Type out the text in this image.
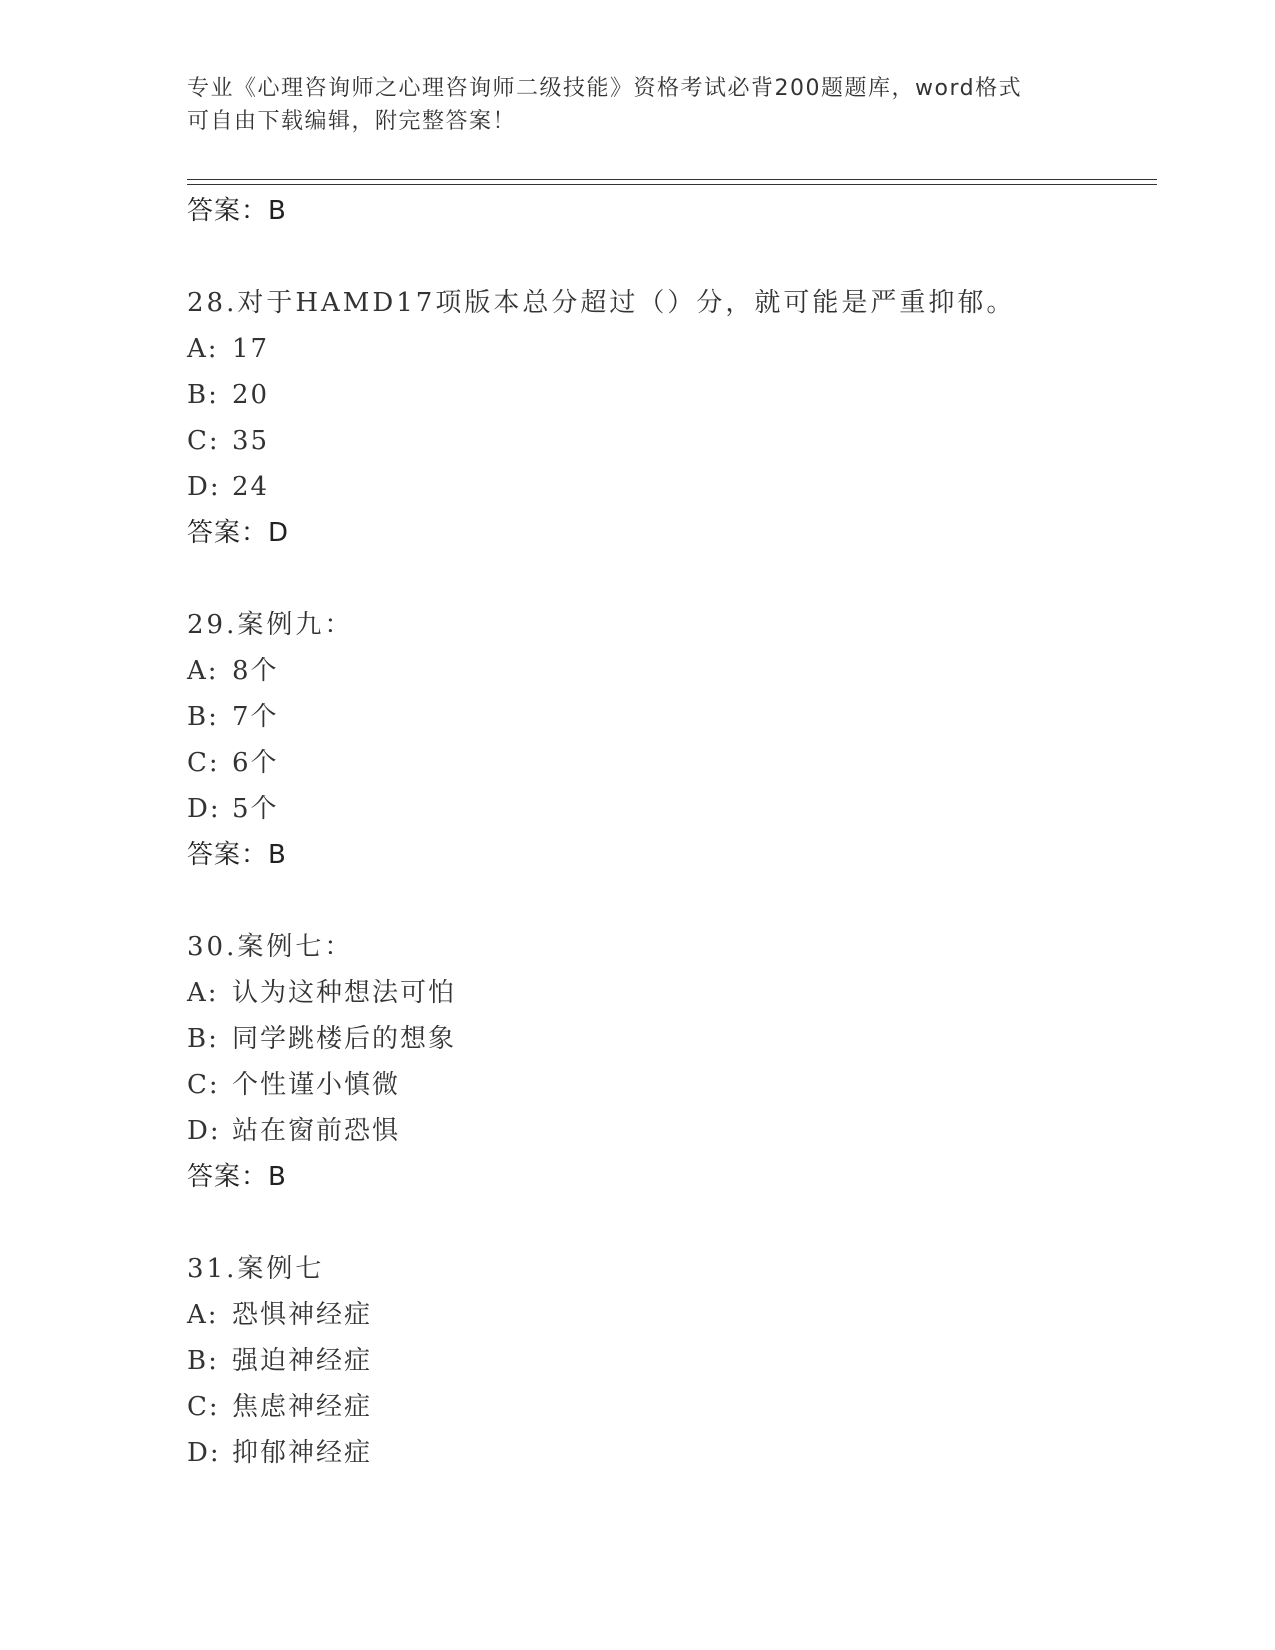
专业《心理咨询师之心理咨询师二级技能》资格考试必背200题题库，word格式
可自由下载编辑，附完整答案！
答案：B
28.对于HAMD17项版本总分超过（）分，就可能是严重抑郁。
A: 17
B: 20
C: 35
D: 24
答案：D
29.案例九：
A: 8个
B: 7个
C: 6个
D: 5个
答案：B
30.案例七：
A: 认为这种想法可怕
B: 同学跳楼后的想象
C: 个性谨小慎微
D: 站在窗前恐惧
答案：B
31.案例七
A: 恐惧神经症
B: 强迫神经症
C: 焦虑神经症
D: 抑郁神经症
